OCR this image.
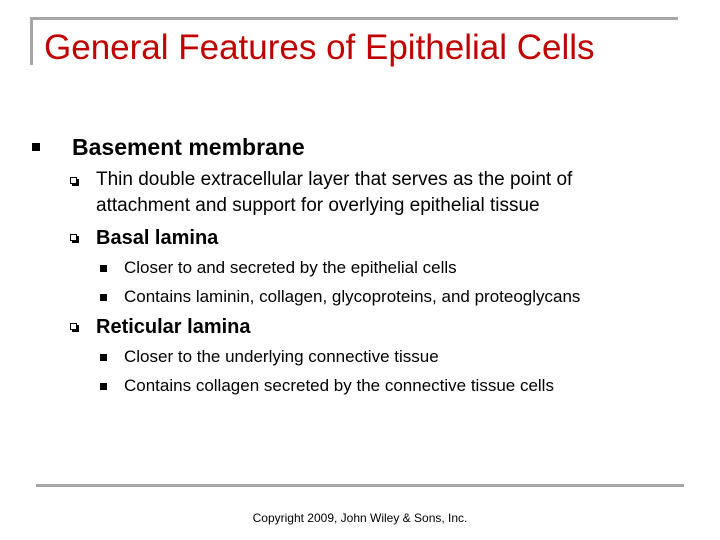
General Features of Epithelial Cells
Basement membrane
Thin double extracellular layer that serves as the point of
attachment and support for overlying epithelial tissue
Basal lamina
Closer to and secreted by the epithelial cells
Contains laminin, collagen, glycoproteins, and proteoglycans
Reticular lamina
Closer to the underlying connective tissue
Contains collagen secreted by the connective tissue cells
Copyright 2009, John Wiley & Sons, Inc.
